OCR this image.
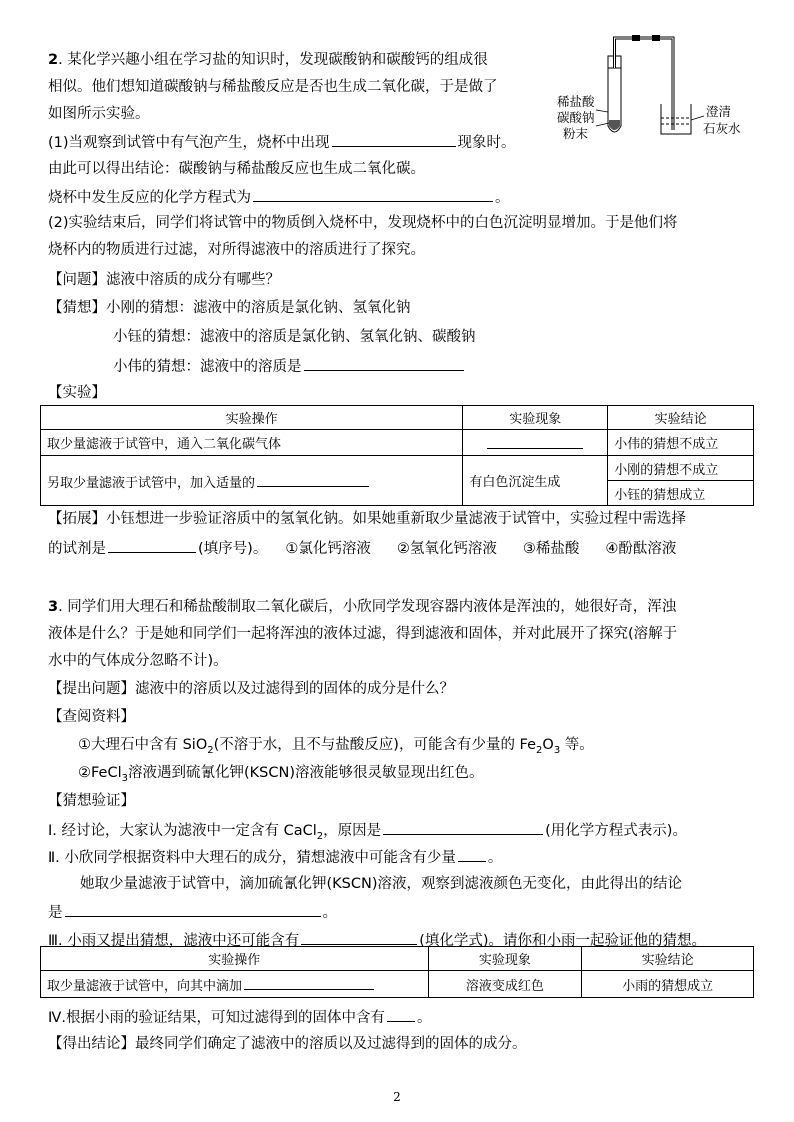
2. 某化学兴趣小组在学习盐的知识时，发现碳酸钠和碳酸钙的组成很
相似。他们想知道碳酸钠与稀盐酸反应是否也生成二氧化碳，于是做了
如图所示实验。
(1)当观察到试管中有气泡产生，烧杯中出现	现象时。
由此可以得出结论：碳酸钠与稀盐酸反应也生成二氧化碳。
烧杯中发生反应的化学方程式为	。
(2)实验结束后，同学们将试管中的物质倒入烧杯中，发现烧杯中的白色沉淀明显增加。于是他们将
烧杯内的物质进行过滤，对所得滤液中的溶质进行了探究。
【问题】滤液中溶质的成分有哪些？
【猜想】小刚的猜想：滤液中的溶质是氯化钠、氢氧化钠
小钰的猜想：滤液中的溶质是氯化钠、氢氧化钠、碳酸钠
小伟的猜想：滤液中的溶质是
【实验】
实验操作	实验现象	实验结论
取少量滤液于试管中，通入二氧化碳气体		小伟的猜想不成立
另取少量滤液于试管中，加入适量的	有白色沉淀生成	小刚的猜想不成立
		小钰的猜想成立
【拓展】小钰想进一步验证溶质中的氢氧化钠。如果她重新取少量滤液于试管中，实验过程中需选择
的试剂是	(填序号)。 ①氯化钙溶液 ②氢氧化钙溶液 ③稀盐酸 ④酚酞溶液
稀盐酸
碳酸钠
粉末
澄清
石灰水
3. 同学们用大理石和稀盐酸制取二氧化碳后，小欣同学发现容器内液体是浑浊的，她很好奇，浑浊
液体是什么？于是她和同学们一起将浑浊的液体过滤，得到滤液和固体，并对此展开了探究(溶解于
水中的气体成分忽略不计)。
【提出问题】滤液中的溶质以及过滤得到的固体的成分是什么？
【查阅资料】
①大理石中含有 SiO$_2$(不溶于水，且不与盐酸反应)，可能含有少量的 $Fe_2O_3$ 等。
②FeCl$_3$溶液遇到硫氰化钾(KSCN)溶液能够很灵敏显现出红色。
【猜想验证】
Ⅰ. 经讨论，大家认为滤液中一定含有 CaCl$_2$，原因是	(用化学方程式表示)。
Ⅱ. 小欣同学根据资料中大理石的成分，猜想滤液中可能含有少量 。
她取少量滤液于试管中，滴加硫氰化钾(KSCN)溶液，观察到滤液颜色无变化，由此得出的结论
是	。
Ⅲ. 小雨又提出猜想，滤液中还可能含有	(填化学式)。请你和小雨一起验证他的猜想。
实验操作	实验现象	实验结论
取少量滤液于试管中，向其中滴加	溶液变成红色	小雨的猜想成立
Ⅳ.根据小雨的验证结果，可知过滤得到的固体中含有 。
【得出结论】最终同学们确定了滤液中的溶质以及过滤得到的固体的成分。
2
